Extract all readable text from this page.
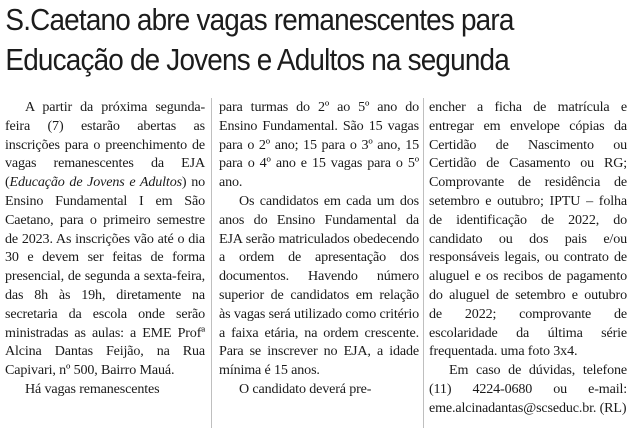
S.Caetano abre vagas remanescentes para
Educação de Jovens e Adultos na segunda

A partir da próxima segunda-feira (7) estarão abertas as inscrições para o preenchimento de vagas remanescentes da EJA (Educação de Jovens e Adultos) no Ensino Fundamental I em São Caetano, para o primeiro semestre de 2023. As inscrições vão até o dia 30 e devem ser feitas de forma presencial, de segunda a sexta-feira, das 8h às 19h, diretamente na secretaria da escola onde serão ministradas as aulas: a EME Profª Alcina Dantas Feijão, na Rua Capivari, nº 500, Bairro Mauá.

Há vagas remanescentes

para turmas do 2º ao 5º ano do Ensino Fundamental. São 15 vagas para o 2º ano; 15 para o 3º ano, 15 para o 4º ano e 15 vagas para o 5º ano.

Os candidatos em cada um dos anos do Ensino Fundamental da EJA serão matriculados obedecendo a ordem de apresentação dos documentos. Havendo número superior de candidatos em relação às vagas será utilizado como critério a faixa etária, na ordem crescente. Para se inscrever no EJA, a idade mínima é 15 anos.

O candidato deverá pre-

encher a ficha de matrícula e entregar em envelope cópias da Certidão de Nascimento ou Certidão de Casamento ou RG; Comprovante de residência de setembro e outubro; IPTU – folha de identificação de 2022, do candidato ou dos pais e/ou responsáveis legais, ou contrato de aluguel e os recibos de pagamento do aluguel de setembro e outubro de 2022; comprovante de escolaridade da última série frequentada. uma foto 3x4.

Em caso de dúvidas, telefone (11) 4224-0680 ou e-mail: eme.alcinadantas@scseduc.br. (RL)
